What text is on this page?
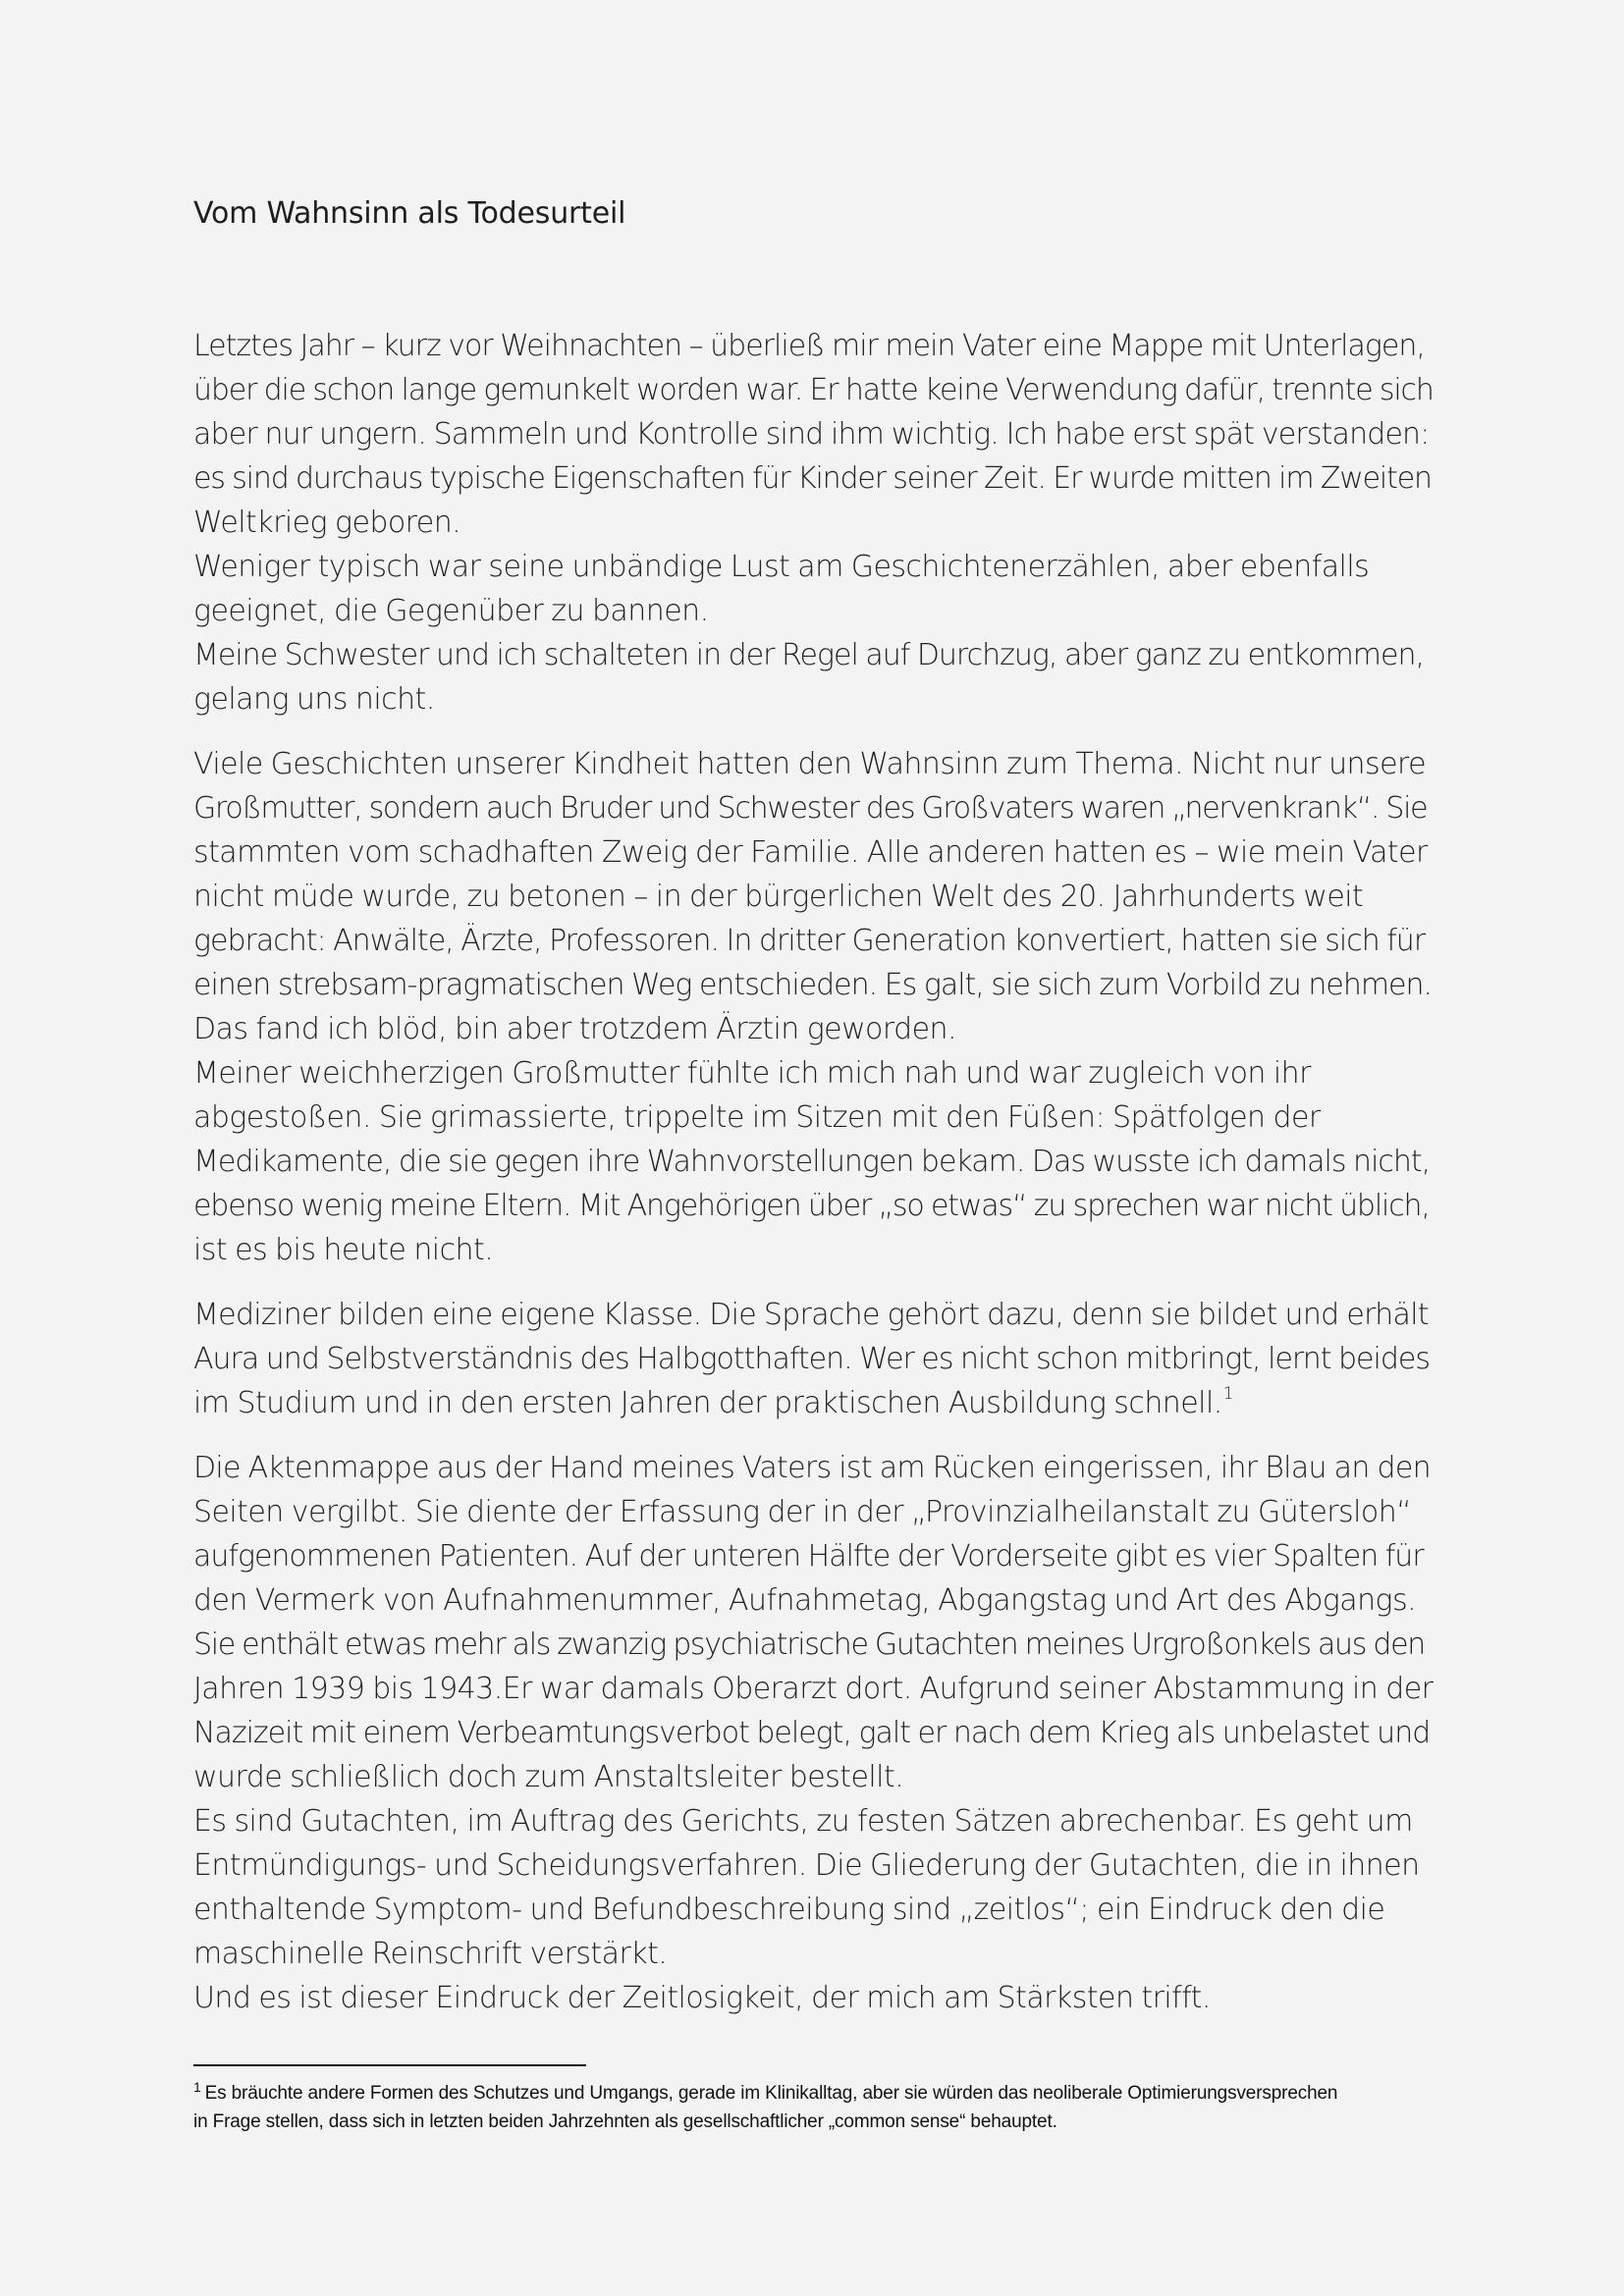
Vom Wahnsinn als Todesurteil
Letztes Jahr – kurz vor Weihnachten – überließ mir mein Vater eine Mappe mit Unterlagen,
über die schon lange gemunkelt worden war. Er hatte keine Verwendung dafür, trennte sich
aber nur ungern. Sammeln und Kontrolle sind ihm wichtig. Ich habe erst spät verstanden:
es sind durchaus typische Eigenschaften für Kinder seiner Zeit. Er wurde mitten im Zweiten
Weltkrieg geboren.
Weniger typisch war seine unbändige Lust am Geschichtenerzählen, aber ebenfalls
geeignet, die Gegenüber zu bannen.
Meine Schwester und ich schalteten in der Regel auf Durchzug, aber ganz zu entkommen,
gelang uns nicht.
Viele Geschichten unserer Kindheit hatten den Wahnsinn zum Thema. Nicht nur unsere
Großmutter, sondern auch Bruder und Schwester des Großvaters waren „nervenkrank“. Sie
stammten vom schadhaften Zweig der Familie. Alle anderen hatten es – wie mein Vater
nicht müde wurde, zu betonen – in der bürgerlichen Welt des 20. Jahrhunderts weit
gebracht: Anwälte, Ärzte, Professoren. In dritter Generation konvertiert, hatten sie sich für
einen strebsam-pragmatischen Weg entschieden. Es galt, sie sich zum Vorbild zu nehmen.
Das fand ich blöd, bin aber trotzdem Ärztin geworden.
Meiner weichherzigen Großmutter fühlte ich mich nah und war zugleich von ihr
abgestoßen. Sie grimassierte, trippelte im Sitzen mit den Füßen: Spätfolgen der
Medikamente, die sie gegen ihre Wahnvorstellungen bekam. Das wusste ich damals nicht,
ebenso wenig meine Eltern. Mit Angehörigen über „so etwas“ zu sprechen war nicht üblich,
ist es bis heute nicht.
Mediziner bilden eine eigene Klasse. Die Sprache gehört dazu, denn sie bildet und erhält
Aura und Selbstverständnis des Halbgotthaften. Wer es nicht schon mitbringt, lernt beides
im Studium und in den ersten Jahren der praktischen Ausbildung schnell.$^1$
Die Aktenmappe aus der Hand meines Vaters ist am Rücken eingerissen, ihr Blau an den
Seiten vergilbt. Sie diente der Erfassung der in der „Provinzialheilanstalt zu Gütersloh“
aufgenommenen Patienten. Auf der unteren Hälfte der Vorderseite gibt es vier Spalten für
den Vermerk von Aufnahmenummer, Aufnahmetag, Abgangstag und Art des Abgangs.
Sie enthält etwas mehr als zwanzig psychiatrische Gutachten meines Urgroßonkels aus den
Jahren 1939 bis 1943.Er war damals Oberarzt dort. Aufgrund seiner Abstammung in der
Nazizeit mit einem Verbeamtungsverbot belegt, galt er nach dem Krieg als unbelastet und
wurde schließlich doch zum Anstaltsleiter bestellt.
Es sind Gutachten, im Auftrag des Gerichts, zu festen Sätzen abrechenbar. Es geht um
Entmündigungs- und Scheidungsverfahren. Die Gliederung der Gutachten, die in ihnen
enthaltende Symptom- und Befundbeschreibung sind „zeitlos“; ein Eindruck den die
maschinelle Reinschrift verstärkt.
Und es ist dieser Eindruck der Zeitlosigkeit, der mich am Stärksten trifft.
$^1$ Es bräuchte andere Formen des Schutzes und Umgangs, gerade im Klinikalltag, aber sie würden das neoliberale Optimierungsversprechen
in Frage stellen, dass sich in letzten beiden Jahrzehnten als gesellschaftlicher „common sense“ behauptet.
